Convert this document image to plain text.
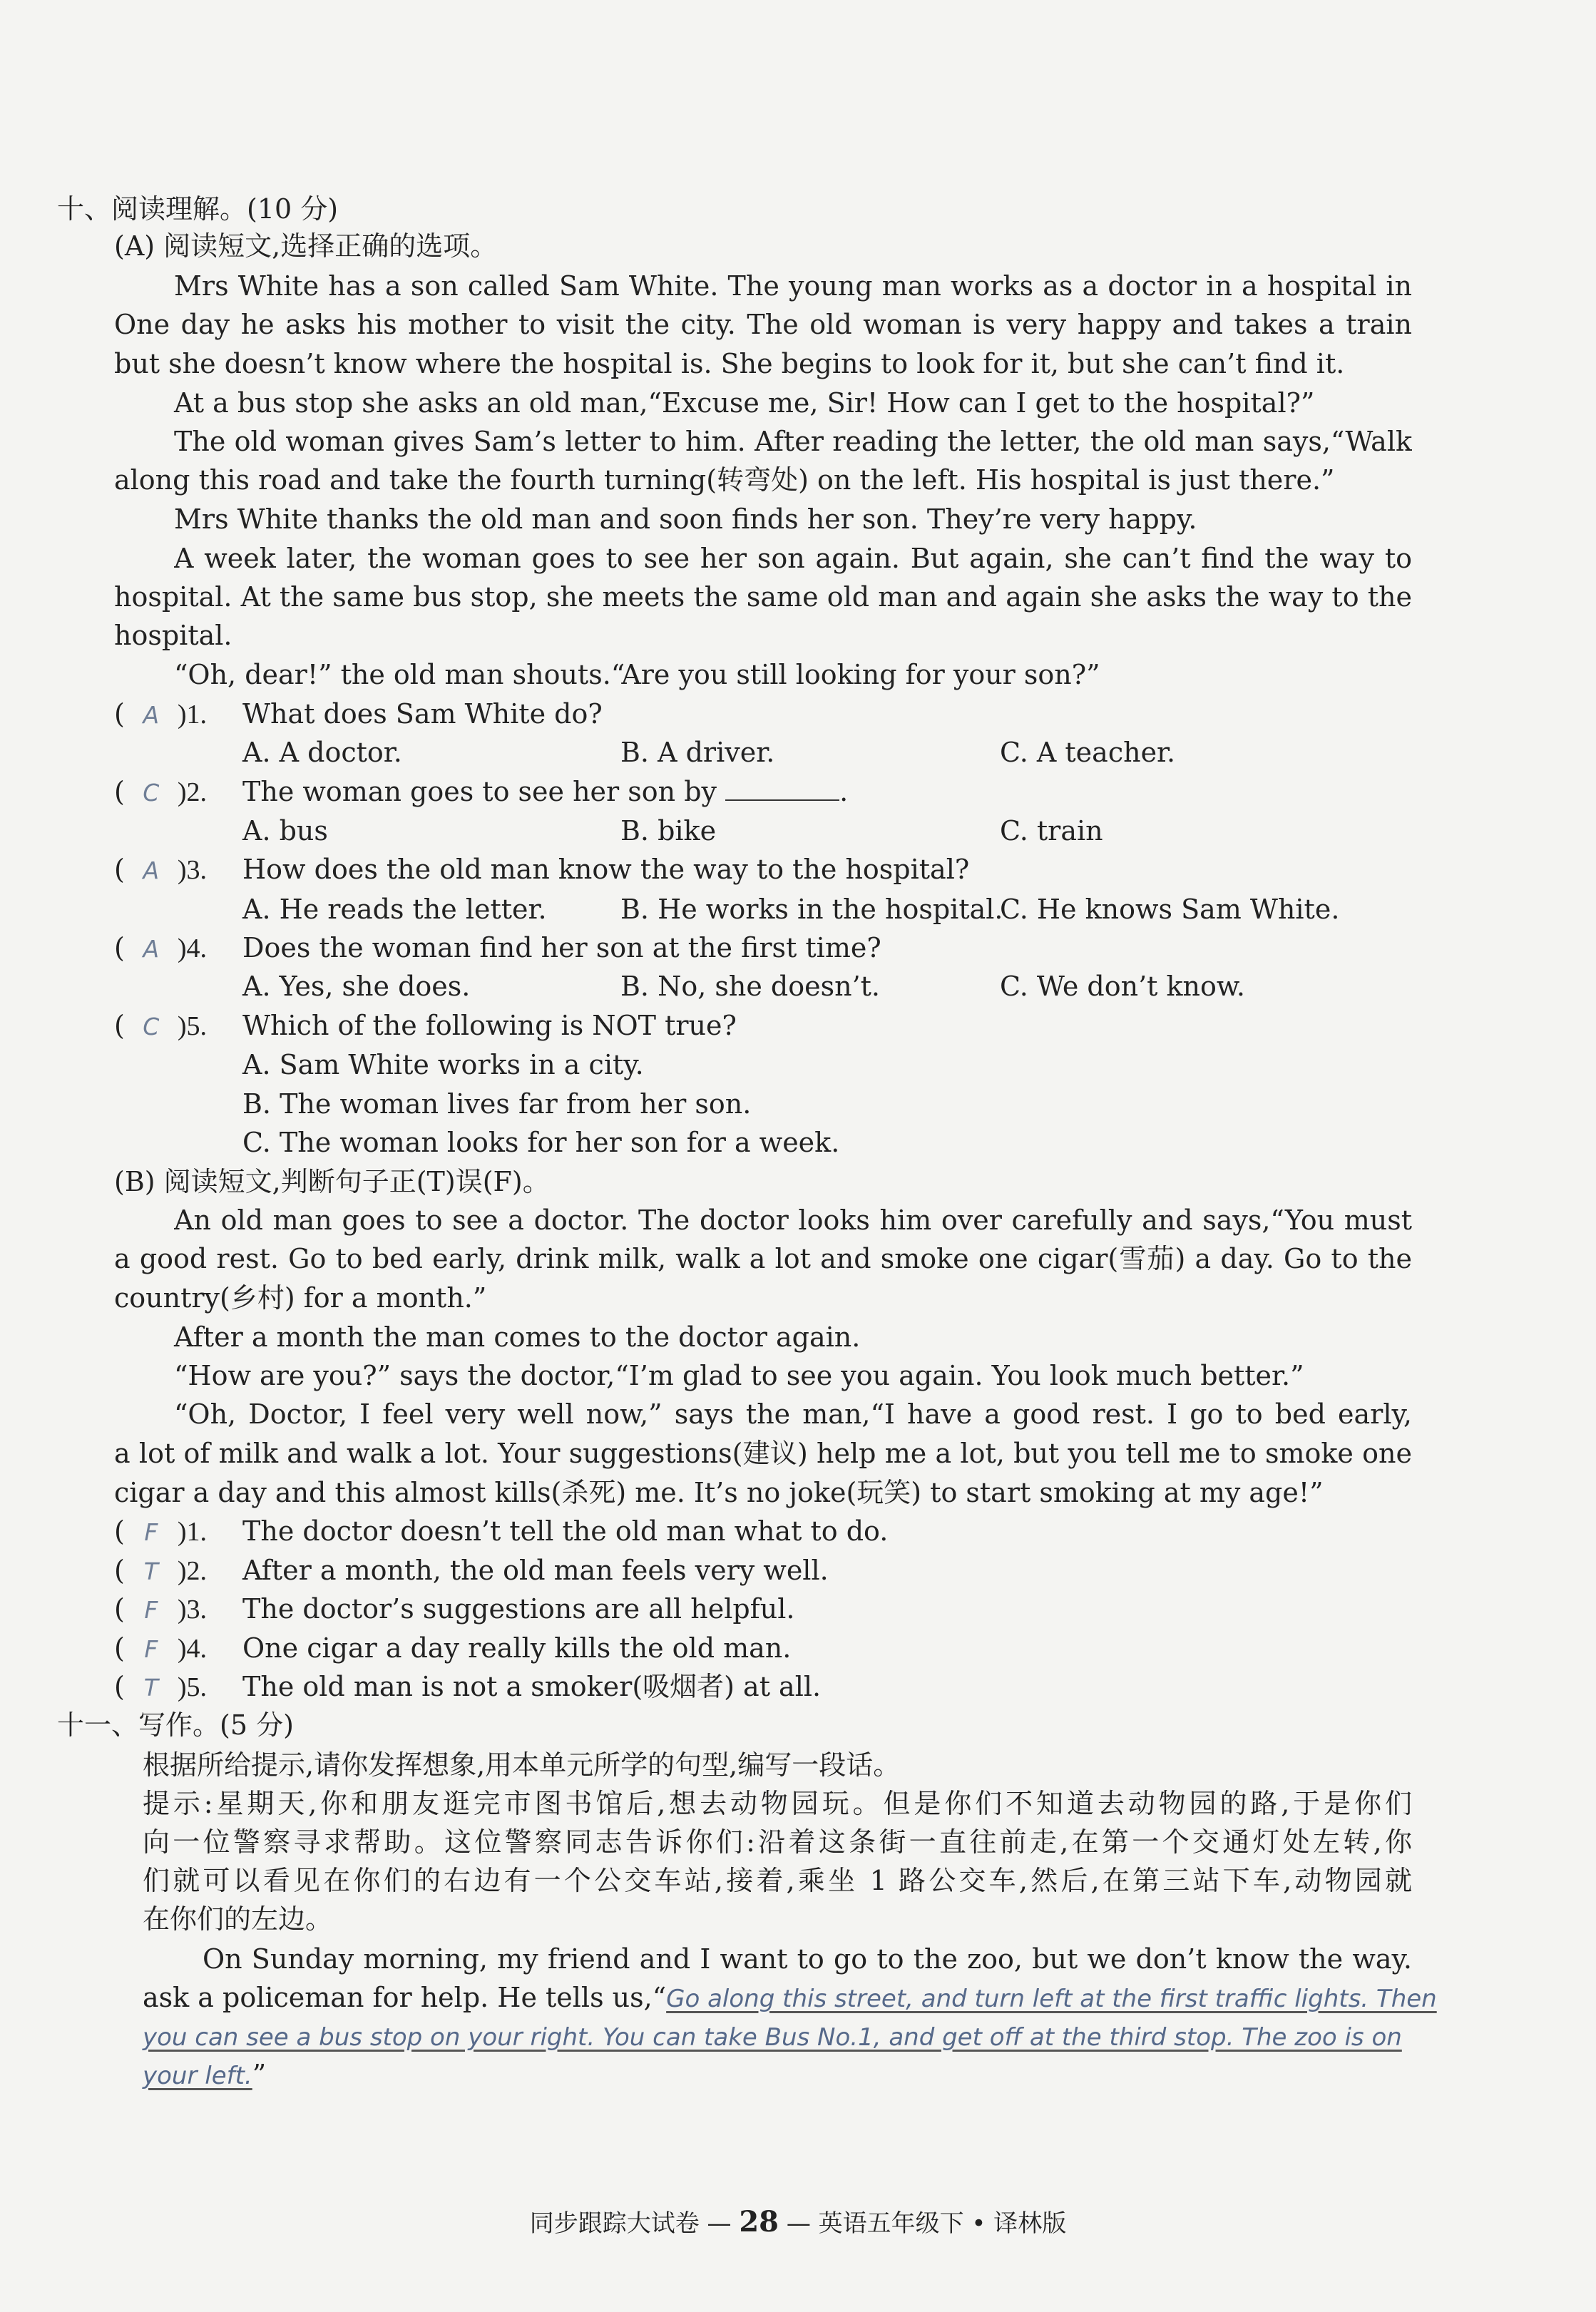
十、阅读理解。(10 分)
(A) 阅读短文,选择正确的选项。
Mrs White has a son called Sam White. The young man works as a doctor in a hospital in
One day he asks his mother to visit the city. The old woman is very happy and takes a train
but she doesn’t know where the hospital is. She begins to look for it, but she can’t find it.
At a bus stop she asks an old man,“Excuse me, Sir! How can I get to the hospital?”
The old woman gives Sam’s letter to him. After reading the letter, the old man says,“Walk
along this road and take the fourth turning(转弯处) on the left. His hospital is just there.”
Mrs White thanks the old man and soon finds her son. They’re very happy.
A week later, the woman goes to see her son again. But again, she can’t find the way to
hospital. At the same bus stop, she meets the same old man and again she asks the way to the
hospital.
“Oh, dear!” the old man shouts.“Are you still looking for your son?”
( A )1. What does Sam White do?
A. A doctor.	B. A driver.	C. A teacher.
( C )2. The woman goes to see her son by	.
A. bus	B. bike	C. train
( A )3. How does the old man know the way to the hospital?
A. He reads the letter.	B. He works in the hospital.
C. He knows Sam White.
( A )4. Does the woman find her son at the first time?
A. Yes, she does.	B. No, she doesn’t.	C. We don’t know.
( C )5. Which of the following is NOT true?
A. Sam White works in a city.
B. The woman lives far from her son.
C. The woman looks for her son for a week.
(B) 阅读短文,判断句子正(T)误(F)。
An old man goes to see a doctor. The doctor looks him over carefully and says,“You must
a good rest. Go to bed early, drink milk, walk a lot and smoke one cigar(雪茄) a day. Go to the
country(乡村) for a month.”
After a month the man comes to the doctor again.
“How are you?” says the doctor,“I’m glad to see you again. You look much better.”
“Oh, Doctor, I feel very well now,” says the man,“I have a good rest. I go to bed early,
a lot of milk and walk a lot. Your suggestions(建议) help me a lot, but you tell me to smoke one
cigar a day and this almost kills(杀死) me. It’s no joke(玩笑) to start smoking at my age!”
( F )1. The doctor doesn’t tell the old man what to do.
( T )2. After a month, the old man feels very well.
( F )3. The doctor’s suggestions are all helpful.
( F )4. One cigar a day really kills the old man.
( T )5. The old man is not a smoker(吸烟者) at all.
十一、写作。(5 分)
根据所给提示,请你发挥想象,用本单元所学的句型,编写一段话。
提示:星期天,你和朋友逛完市图书馆后,想去动物园玩。但是你们不知道去动物园的路,于是你们
向一位警察寻求帮助。这位警察同志告诉你们:沿着这条街一直往前走,在第一个交通灯处左转,你
们就可以看见在你们的右边有一个公交车站,接着,乘坐 1 路公交车,然后,在第三站下车,动物园就
在你们的左边。
On Sunday morning, my friend and I want to go to the zoo, but we don’t know the way.
ask a policeman for help. He tells us,“Go along this street, and turn left at the first traffic lights. Then
you can see a bus stop on your right. You can take Bus No.1, and get off at the third stop. The zoo is on
your left.”
同步跟踪大试卷 — 28 — 英语五年级下 • 译林版
